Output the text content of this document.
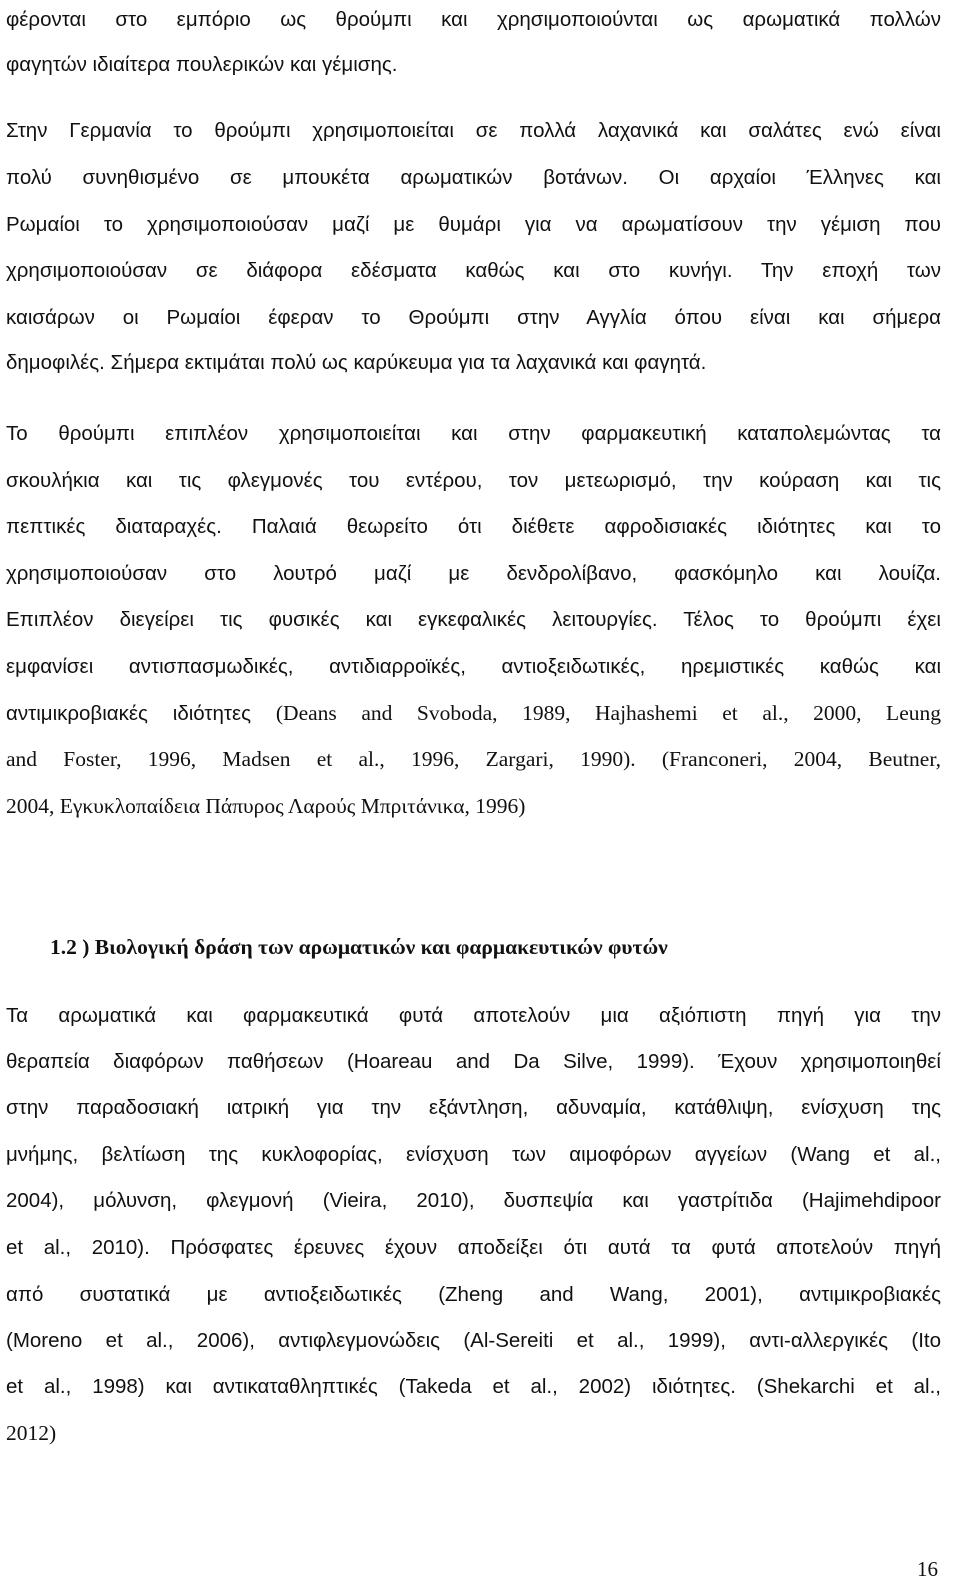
φέρονται στο εμπόριο ως θρούμπι και χρησιμοποιούνται ως αρωματικά πολλών
φαγητών ιδιαίτερα πουλερικών και γέμισης.
Στην Γερμανία το θρούμπι χρησιμοποιείται σε πολλά λαχανικά και σαλάτες ενώ είναι
πολύ συνηθισμένο σε μπουκέτα αρωματικών βοτάνων. Οι αρχαίοι Έλληνες και
Ρωμαίοι το χρησιμοποιούσαν μαζί με θυμάρι για να αρωματίσουν την γέμιση που
χρησιμοποιούσαν σε διάφορα εδέσματα καθώς και στο κυνήγι. Την εποχή των
καισάρων οι Ρωμαίοι έφεραν το Θρούμπι στην Αγγλία όπου είναι και σήμερα
δημοφιλές. Σήμερα εκτιμάται πολύ ως καρύκευμα για τα λαχανικά και φαγητά.
Το θρούμπι επιπλέον χρησιμοποιείται και στην φαρμακευτική καταπολεμώντας τα
σκουλήκια και τις φλεγμονές του εντέρου, τον μετεωρισμό, την κούραση και τις
πεπτικές διαταραχές. Παλαιά θεωρείτο ότι διέθετε αφροδισιακές ιδιότητες και το
χρησιμοποιούσαν στο λουτρό μαζί με δενδρολίβανο, φασκόμηλο και λουίζα.
Επιπλέον διεγείρει τις φυσικές και εγκεφαλικές λειτουργίες. Τέλος το θρούμπι έχει
εμφανίσει αντισπασμωδικές, αντιδιαρροϊκές, αντιοξειδωτικές, ηρεμιστικές καθώς και
αντιμικροβιακές ιδιότητες (Deans and Svoboda, 1989, Hajhashemi et al., 2000, Leung
and Foster, 1996, Madsen et al., 1996, Zargari, 1990). (Franconeri, 2004, Beutner,
2004, Εγκυκλοπαίδεια Πάπυρος Λαρούς Μπριτάνικα, 1996)
1.2 ) Βιολογική δράση των αρωματικών και φαρμακευτικών φυτών
Τα αρωματικά και φαρμακευτικά φυτά αποτελούν μια αξιόπιστη πηγή για την
θεραπεία διαφόρων παθήσεων (Hoareau and Da Silve, 1999). Έχουν χρησιμοποιηθεί
στην παραδοσιακή ιατρική για την εξάντληση, αδυναμία, κατάθλιψη, ενίσχυση της
μνήμης, βελτίωση της κυκλοφορίας, ενίσχυση των αιμοφόρων αγγείων (Wang et al.,
2004), μόλυνση, φλεγμονή (Vieira, 2010), δυσπεψία και γαστρίτιδα (Hajimehdipoor
et al., 2010). Πρόσφατες έρευνες έχουν αποδείξει ότι αυτά τα φυτά αποτελούν πηγή
από συστατικά με αντιοξειδωτικές (Zheng and Wang, 2001), αντιμικροβιακές
(Moreno et al., 2006), αντιφλεγμονώδεις (Al-Sereiti et al., 1999), αντι-αλλεργικές (Ito
et al., 1998) και αντικαταθληπτικές (Takeda et al., 2002) ιδιότητες. (Shekarchi et al.,
2012)
16
